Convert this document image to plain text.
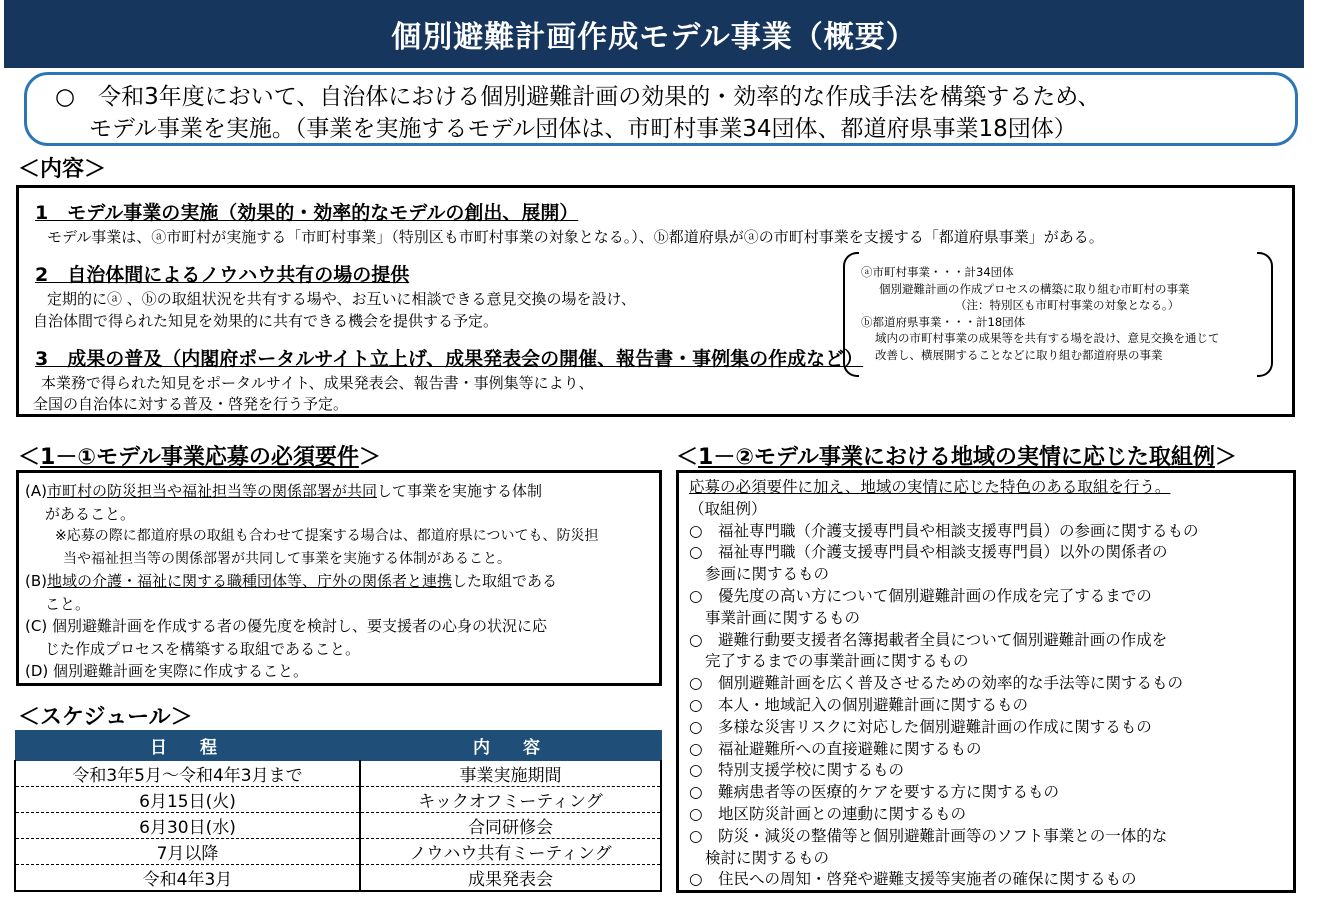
個別避難計画作成モデル事業（概要）
○　令和3年度において、自治体における個別避難計画の効果的・効率的な作成手法を構築するため、
モデル事業を実施。（事業を実施するモデル団体は、市町村事業34団体、都道府県事業18団体）
＜内容＞
1　モデル事業の実施（効果的・効率的なモデルの創出、展開）
モデル事業は、ⓐ市町村が実施する「市町村事業」（特別区も市町村事業の対象となる。）、ⓑ都道府県がⓐの市町村事業を支援する「都道府県事業」がある。
2　自治体間によるノウハウ共有の場の提供
定期的にⓐ 、ⓑの取組状況を共有する場や、お互いに相談できる意見交換の場を設け、
自治体間で得られた知見を効果的に共有できる機会を提供する予定。
3　成果の普及（内閣府ポータルサイト立上げ、成果発表会の開催、報告書・事例集の作成など）
本業務で得られた知見をポータルサイト、成果発表会、報告書・事例集等により、
全国の自治体に対する普及・啓発を行う予定。
ⓐ市町村事業・・・計34団体
個別避難計画の作成プロセスの構築に取り組む市町村の事業
（注：特別区も市町村事業の対象となる。）
ⓑ都道府県事業・・・計18団体
域内の市町村事業の成果等を共有する場を設け、意見交換を通じて
改善し、横展開することなどに取り組む都道府県の事業
＜1－①モデル事業応募の必須要件＞
(A)市町村の防災担当や福祉担当等の関係部署が共同して事業を実施する体制
があること。
※応募の際に都道府県の取組も合わせて提案する場合は、都道府県についても、防災担
当や福祉担当等の関係部署が共同して事業を実施する体制があること。
(B)地域の介護・福祉に関する職種団体等、庁外の関係者と連携した取組である
こと。
(C) 個別避難計画を作成する者の優先度を検討し、要支援者の心身の状況に応
じた作成プロセスを構築する取組であること。
(D) 個別避難計画を実際に作成すること。
＜スケジュール＞
日　程	内　容
令和3年5月～令和4年3月まで	事業実施期間
6月15日(火)	キックオフミーティング
6月30日(水)	合同研修会
7月以降	ノウハウ共有ミーティング
令和4年3月	成果発表会
＜1－②モデル事業における地域の実情に応じた取組例＞
応募の必須要件に加え、地域の実情に応じた特色のある取組を行う。
（取組例）
○　福祉専門職（介護支援専門員や相談支援専門員）の参画に関するもの
○　福祉専門職（介護支援専門員や相談支援専門員）以外の関係者の
参画に関するもの
○　優先度の高い方について個別避難計画の作成を完了するまでの
事業計画に関するもの
○　避難行動要支援者名簿掲載者全員について個別避難計画の作成を
完了するまでの事業計画に関するもの
○　個別避難計画を広く普及させるための効率的な手法等に関するもの
○　本人・地域記入の個別避難計画に関するもの
○　多様な災害リスクに対応した個別避難計画の作成に関するもの
○　福祉避難所への直接避難に関するもの
○　特別支援学校に関するもの
○　難病患者等の医療的ケアを要する方に関するもの
○　地区防災計画との連動に関するもの
○　防災・減災の整備等と個別避難計画等のソフト事業との一体的な
検討に関するもの
○　住民への周知・啓発や避難支援等実施者の確保に関するもの
